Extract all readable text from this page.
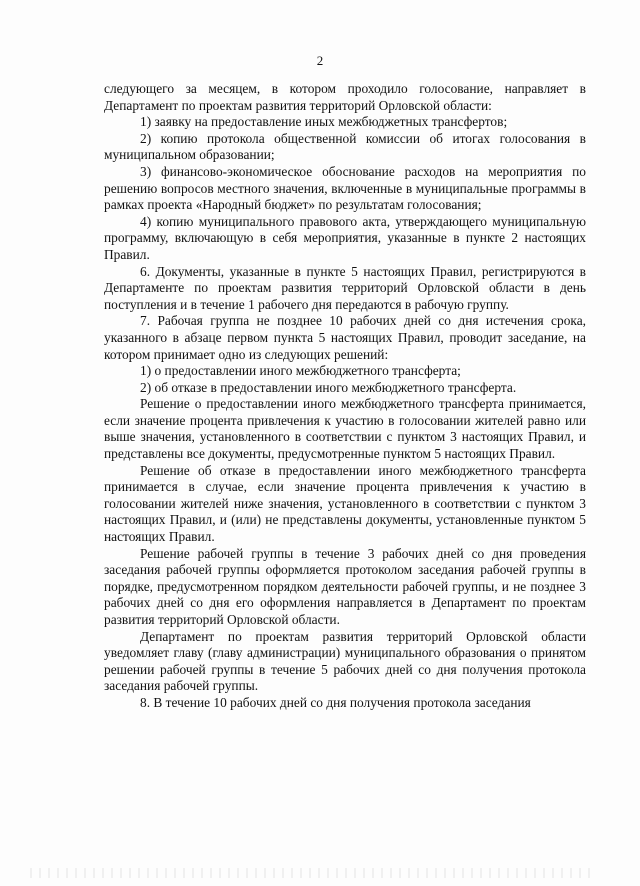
2

следующего за месяцем, в котором проходило голосование, направляет в Департамент по проектам развития территорий Орловской области:

1) заявку на предоставление иных межбюджетных трансфертов;

2) копию протокола общественной комиссии об итогах голосования в муниципальном образовании;

3) финансово-экономическое обоснование расходов на мероприятия по решению вопросов местного значения, включенные в муниципальные программы в рамках проекта «Народный бюджет» по результатам голосования;

4) копию муниципального правового акта, утверждающего муниципальную программу, включающую в себя мероприятия, указанные в пункте 2 настоящих Правил.

6. Документы, указанные в пункте 5 настоящих Правил, регистрируются в Департаменте по проектам развития территорий Орловской области в день поступления и в течение 1 рабочего дня передаются в рабочую группу.

7. Рабочая группа не позднее 10 рабочих дней со дня истечения срока, указанного в абзаце первом пункта 5 настоящих Правил, проводит заседание, на котором принимает одно из следующих решений:

1) о предоставлении иного межбюджетного трансферта;

2) об отказе в предоставлении иного межбюджетного трансферта.

Решение о предоставлении иного межбюджетного трансферта принимается, если значение процента привлечения к участию в голосовании жителей равно или выше значения, установленного в соответствии с пунктом 3 настоящих Правил, и представлены все документы, предусмотренные пунктом 5 настоящих Правил.

Решение об отказе в предоставлении иного межбюджетного трансферта принимается в случае, если значение процента привлечения к участию в голосовании жителей ниже значения, установленного в соответствии с пунктом 3 настоящих Правил, и (или) не представлены документы, установленные пунктом 5 настоящих Правил.

Решение рабочей группы в течение 3 рабочих дней со дня проведения заседания рабочей группы оформляется протоколом заседания рабочей группы в порядке, предусмотренном порядком деятельности рабочей группы, и не позднее 3 рабочих дней со дня его оформления направляется в Департамент по проектам развития территорий Орловской области.

Департамент по проектам развития территорий Орловской области уведомляет главу (главу администрации) муниципального образования о принятом решении рабочей группы в течение 5 рабочих дней со дня получения протокола заседания рабочей группы.

8. В течение 10 рабочих дней со дня получения протокола заседания
